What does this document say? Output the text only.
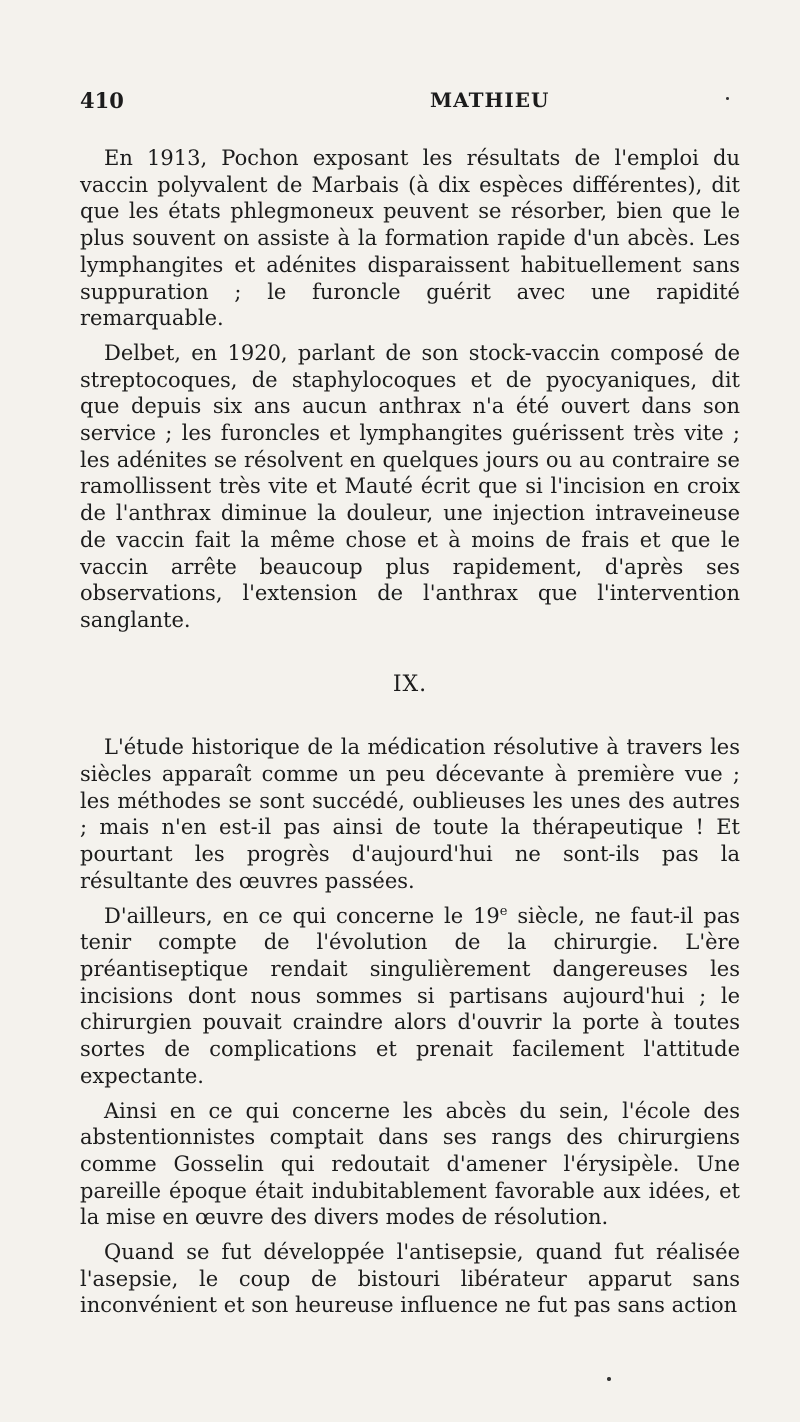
410	MATHIEU

En 1913, Pochon exposant les résultats de l'emploi du vaccin polyvalent de Marbais (à dix espèces différentes), dit que les états phlegmoneux peuvent se résorber, bien que le plus souvent on assiste à la formation rapide d'un abcès. Les lymphangites et adénites disparaissent habituellement sans suppuration ; le furoncle guérit avec une rapidité remarquable.

Delbet, en 1920, parlant de son stock-vaccin composé de streptocoques, de staphylocoques et de pyocyaniques, dit que depuis six ans aucun anthrax n'a été ouvert dans son service ; les furoncles et lymphangites guérissent très vite ; les adénites se résolvent en quelques jours ou au contraire se ramollissent très vite et Mauté écrit que si l'incision en croix de l'anthrax diminue la douleur, une injection intraveineuse de vaccin fait la même chose et à moins de frais et que le vaccin arrête beaucoup plus rapidement, d'après ses observations, l'extension de l'anthrax que l'intervention sanglante.

IX.

L'étude historique de la médication résolutive à travers les siècles apparaît comme un peu décevante à première vue ; les méthodes se sont succédé, oublieuses les unes des autres ; mais n'en est-il pas ainsi de toute la thérapeutique ! Et pourtant les progrès d'aujourd'hui ne sont-ils pas la résultante des œuvres passées.

D'ailleurs, en ce qui concerne le 19e siècle, ne faut-il pas tenir compte de l'évolution de la chirurgie. L'ère préantiseptique rendait singulièrement dangereuses les incisions dont nous sommes si partisans aujourd'hui ; le chirurgien pouvait craindre alors d'ouvrir la porte à toutes sortes de complications et prenait facilement l'attitude expectante.

Ainsi en ce qui concerne les abcès du sein, l'école des abstentionnistes comptait dans ses rangs des chirurgiens comme Gosselin qui redoutait d'amener l'érysipèle. Une pareille époque était indubitablement favorable aux idées, et la mise en œuvre des divers modes de résolution.

Quand se fut développée l'antisepsie, quand fut réalisée l'asepsie, le coup de bistouri libérateur apparut sans inconvénient et son heureuse influence ne fut pas sans action
